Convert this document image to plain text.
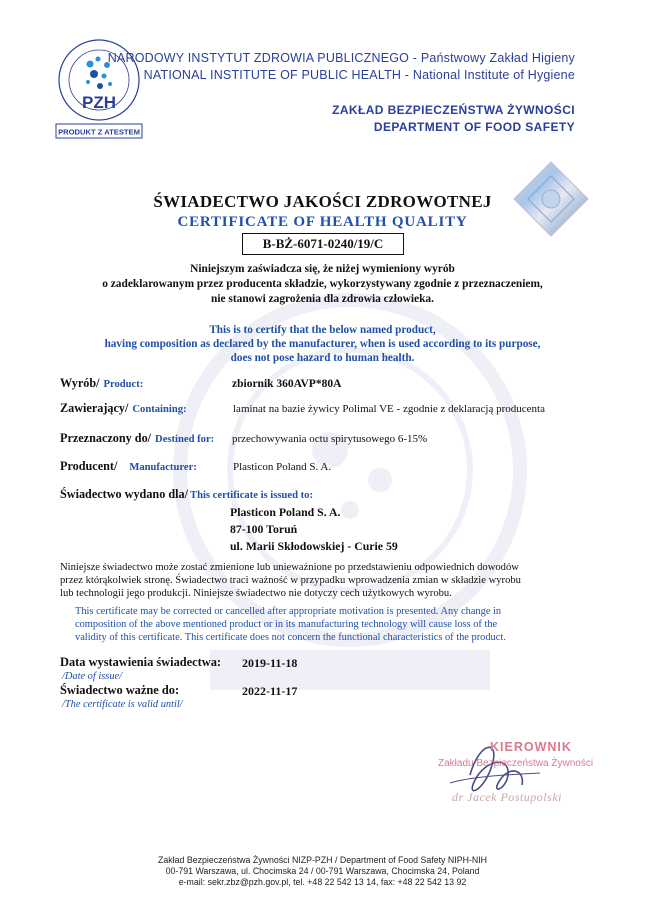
PZH
PRODUKT Z ATESTEM
NARODOWY INSTYTUT ZDROWIA PUBLICZNEGO - Państwowy Zakład Higieny
NATIONAL INSTITUTE OF PUBLIC HEALTH - National Institute of Hygiene
ZAKŁAD BEZPIECZEŃSTWA ŻYWNOŚCI
DEPARTMENT OF FOOD SAFETY
ŚWIADECTWO JAKOŚCI ZDROWOTNEJ
CERTIFICATE OF HEALTH QUALITY
B-BŻ-6071-0240/19/C
Niniejszym zaświadcza się, że niżej wymieniony wyrób
o zadeklarowanym przez producenta składzie, wykorzystywany zgodnie z przeznaczeniem,
nie stanowi zagrożenia dla zdrowia człowieka.
This is to certify that the below named product,
having composition as declared by the manufacturer, when is used according to its purpose,
does not pose hazard to human health.
Wyrób/ Product:	zbiornik 360AVP*80A
Zawierający/ Containing:	laminat na bazie żywicy Polimal VE - zgodnie z deklaracją producenta
Przeznaczony do/ Destined for: przechowywania octu spirytusowego 6-15%
Producent/ Manufacturer:	Plasticon Poland S. A.
Świadectwo wydano dla/ This certificate is issued to:
Plasticon Poland S. A.
87-100 Toruń
ul. Marii Skłodowskiej - Curie 59
Niniejsze świadectwo może zostać zmienione lub unieważnione po przedstawieniu odpowiednich dowodów
przez którąkolwiek stronę. Świadectwo traci ważność w przypadku wprowadzenia zmian w składzie wyrobu
lub technologii jego produkcji. Niniejsze świadectwo nie dotyczy cech użytkowych wyrobu.
This certificate may be corrected or cancelled after appropriate motivation is presented. Any change in
composition of the above mentioned product or in its manufacturing technology will cause loss of the
validity of this certificate. This certificate does not concern the functional characteristics of the product.
Data wystawienia świadectwa: 2019-11-18
/Date of issue/
Świadectwo ważne do:	2022-11-17
/The certificate is valid until/
KIEROWNIK
Zakładu Bezpieczeństwa Żywności
dr Jacek Postupolski
Zakład Bezpieczeństwa Żywności NIZP-PZH / Department of Food Safety NIPH-NIH
00-791 Warszawa, ul. Chocimska 24 / 00-791 Warszawa, Chocimska 24, Poland
e-mail: sekr.zbz@pzh.gov.pl, tel. +48 22 542 13 14, fax: +48 22 542 13 92
